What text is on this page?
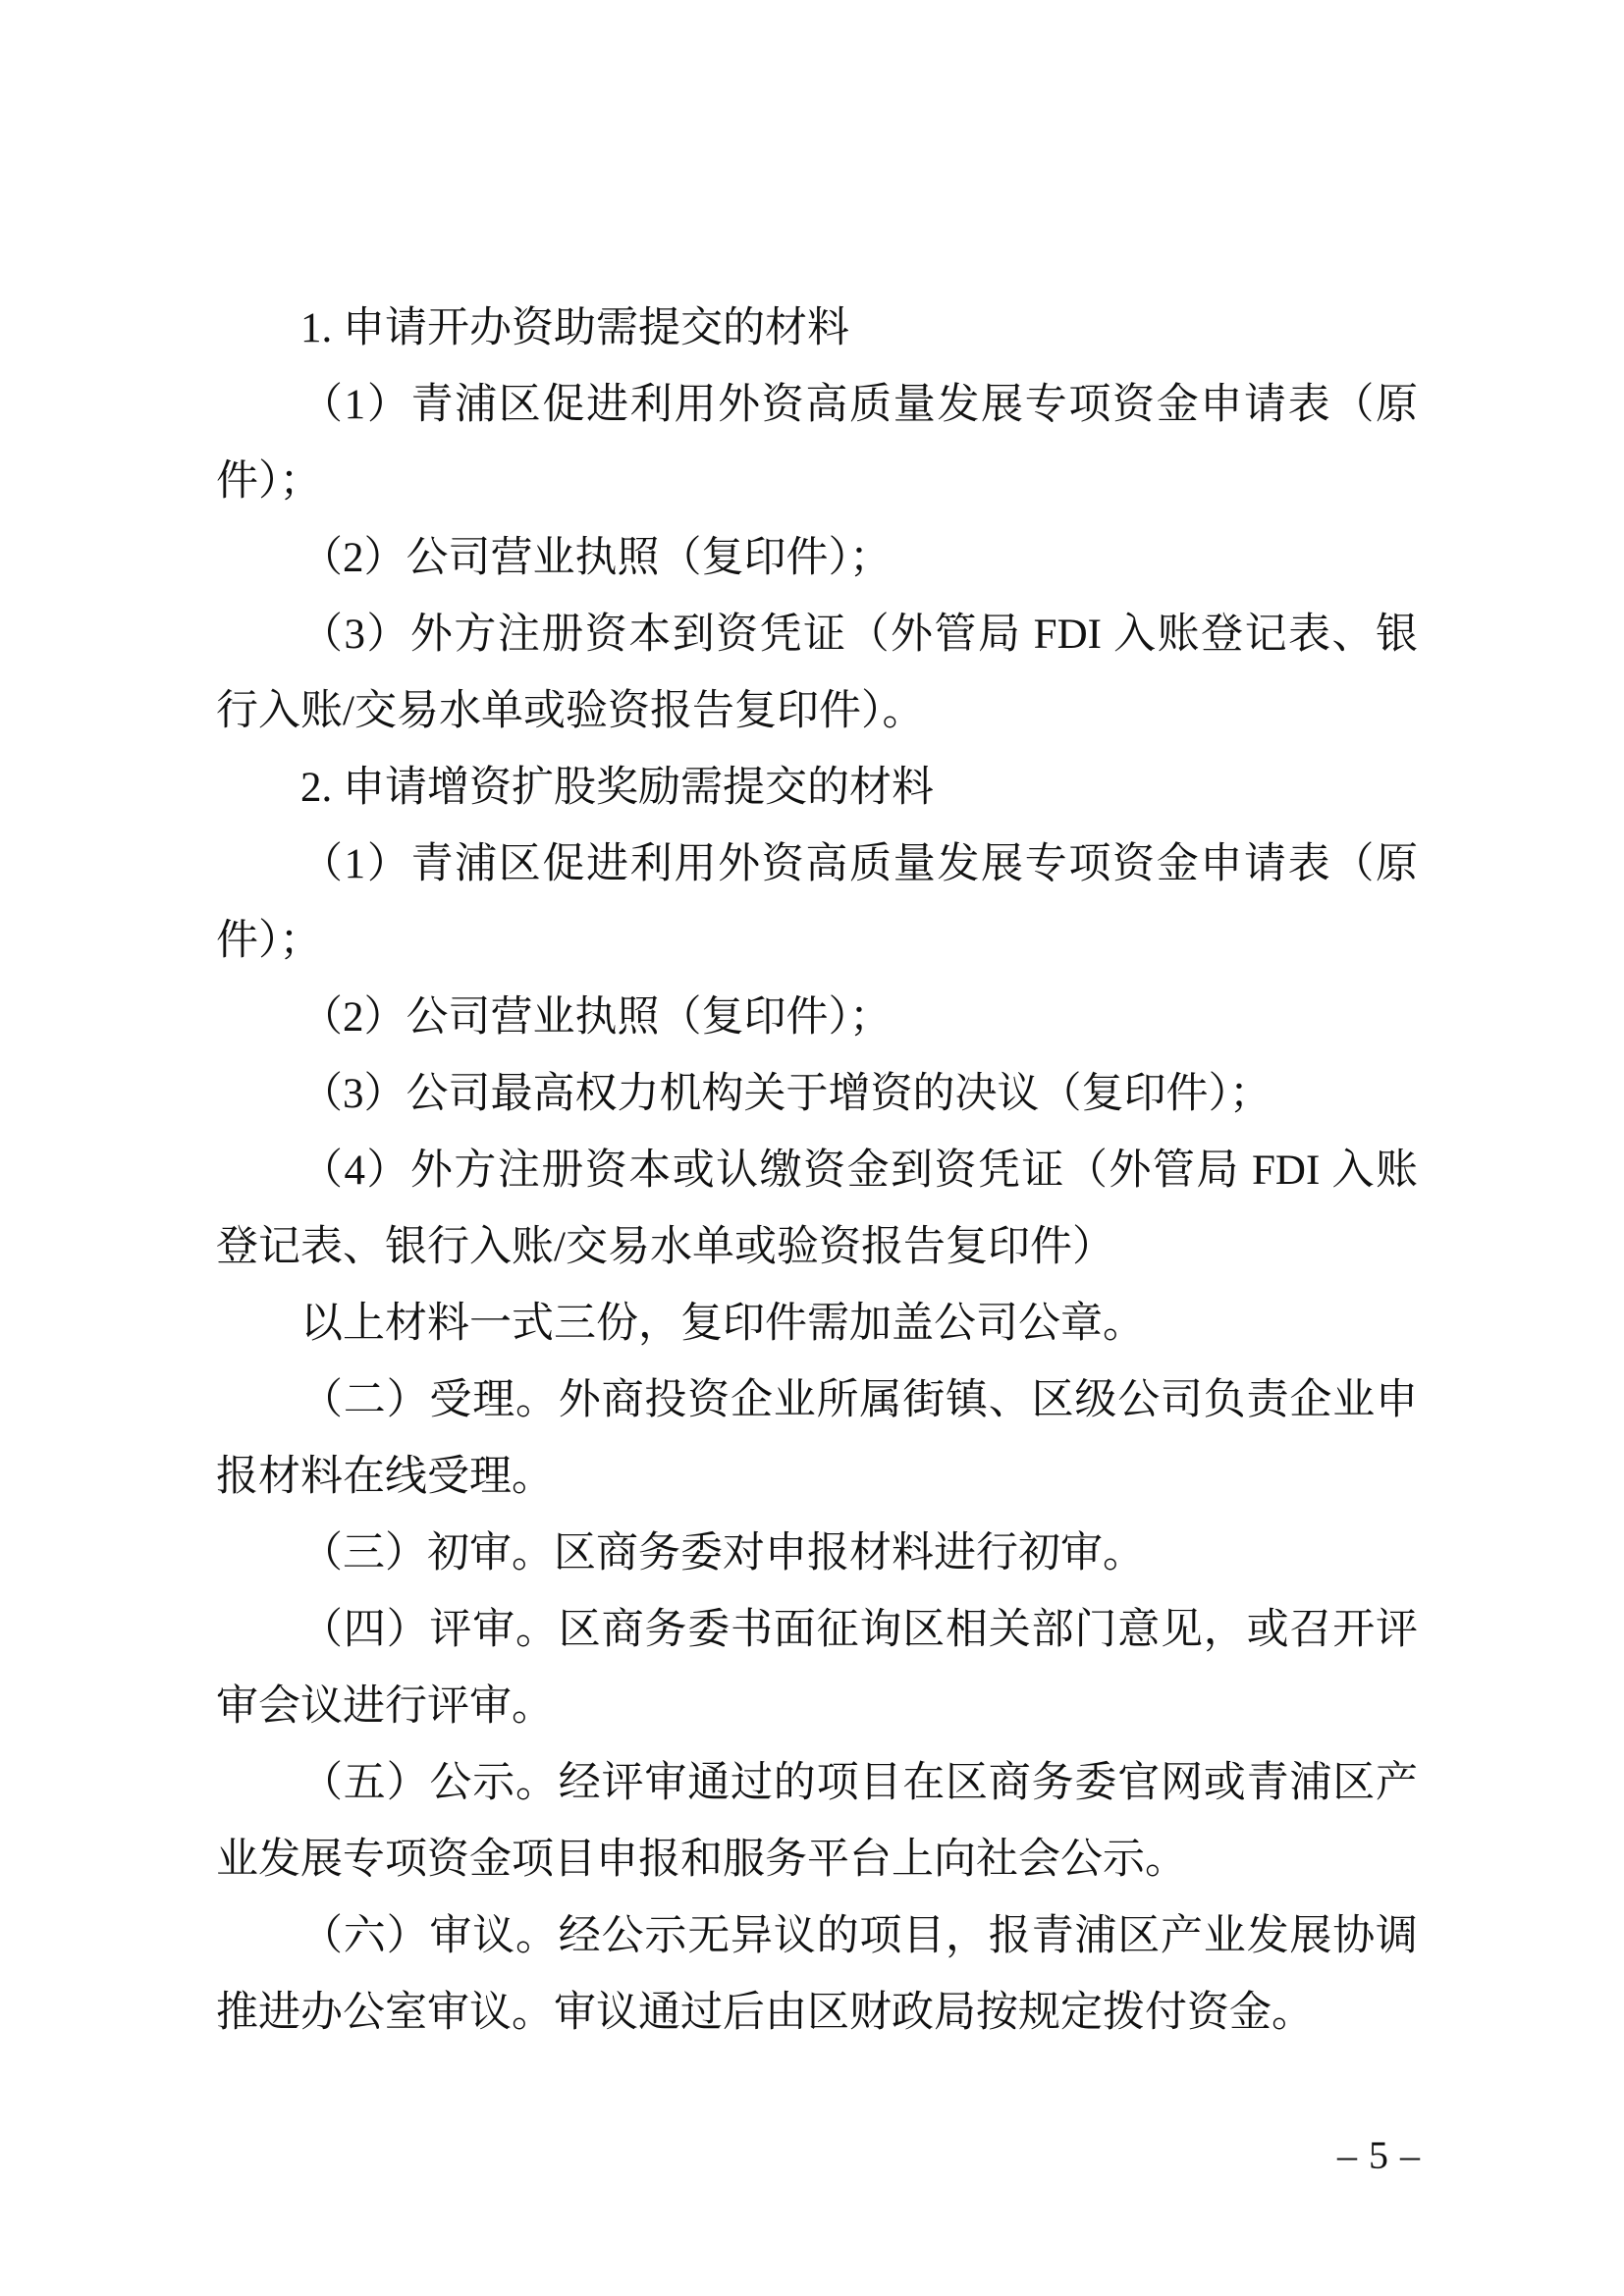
1. 申请开办资助需提交的材料

（1）青浦区促进利用外资高质量发展专项资金申请表（原件）；

（2）公司营业执照（复印件）；

（3）外方注册资本到资凭证（外管局 FDI 入账登记表、银行入账/交易水单或验资报告复印件）。

2. 申请增资扩股奖励需提交的材料

（1）青浦区促进利用外资高质量发展专项资金申请表（原件）；

（2）公司营业执照（复印件）；

（3）公司最高权力机构关于增资的决议（复印件）；

（4）外方注册资本或认缴资金到资凭证（外管局 FDI 入账登记表、银行入账/交易水单或验资报告复印件）

以上材料一式三份，复印件需加盖公司公章。

（二）受理。外商投资企业所属街镇、区级公司负责企业申报材料在线受理。

（三）初审。区商务委对申报材料进行初审。

（四）评审。区商务委书面征询区相关部门意见，或召开评审会议进行评审。

（五）公示。经评审通过的项目在区商务委官网或青浦区产业发展专项资金项目申报和服务平台上向社会公示。

（六）审议。经公示无异议的项目，报青浦区产业发展协调推进办公室审议。审议通过后由区财政局按规定拨付资金。

– 5 –
